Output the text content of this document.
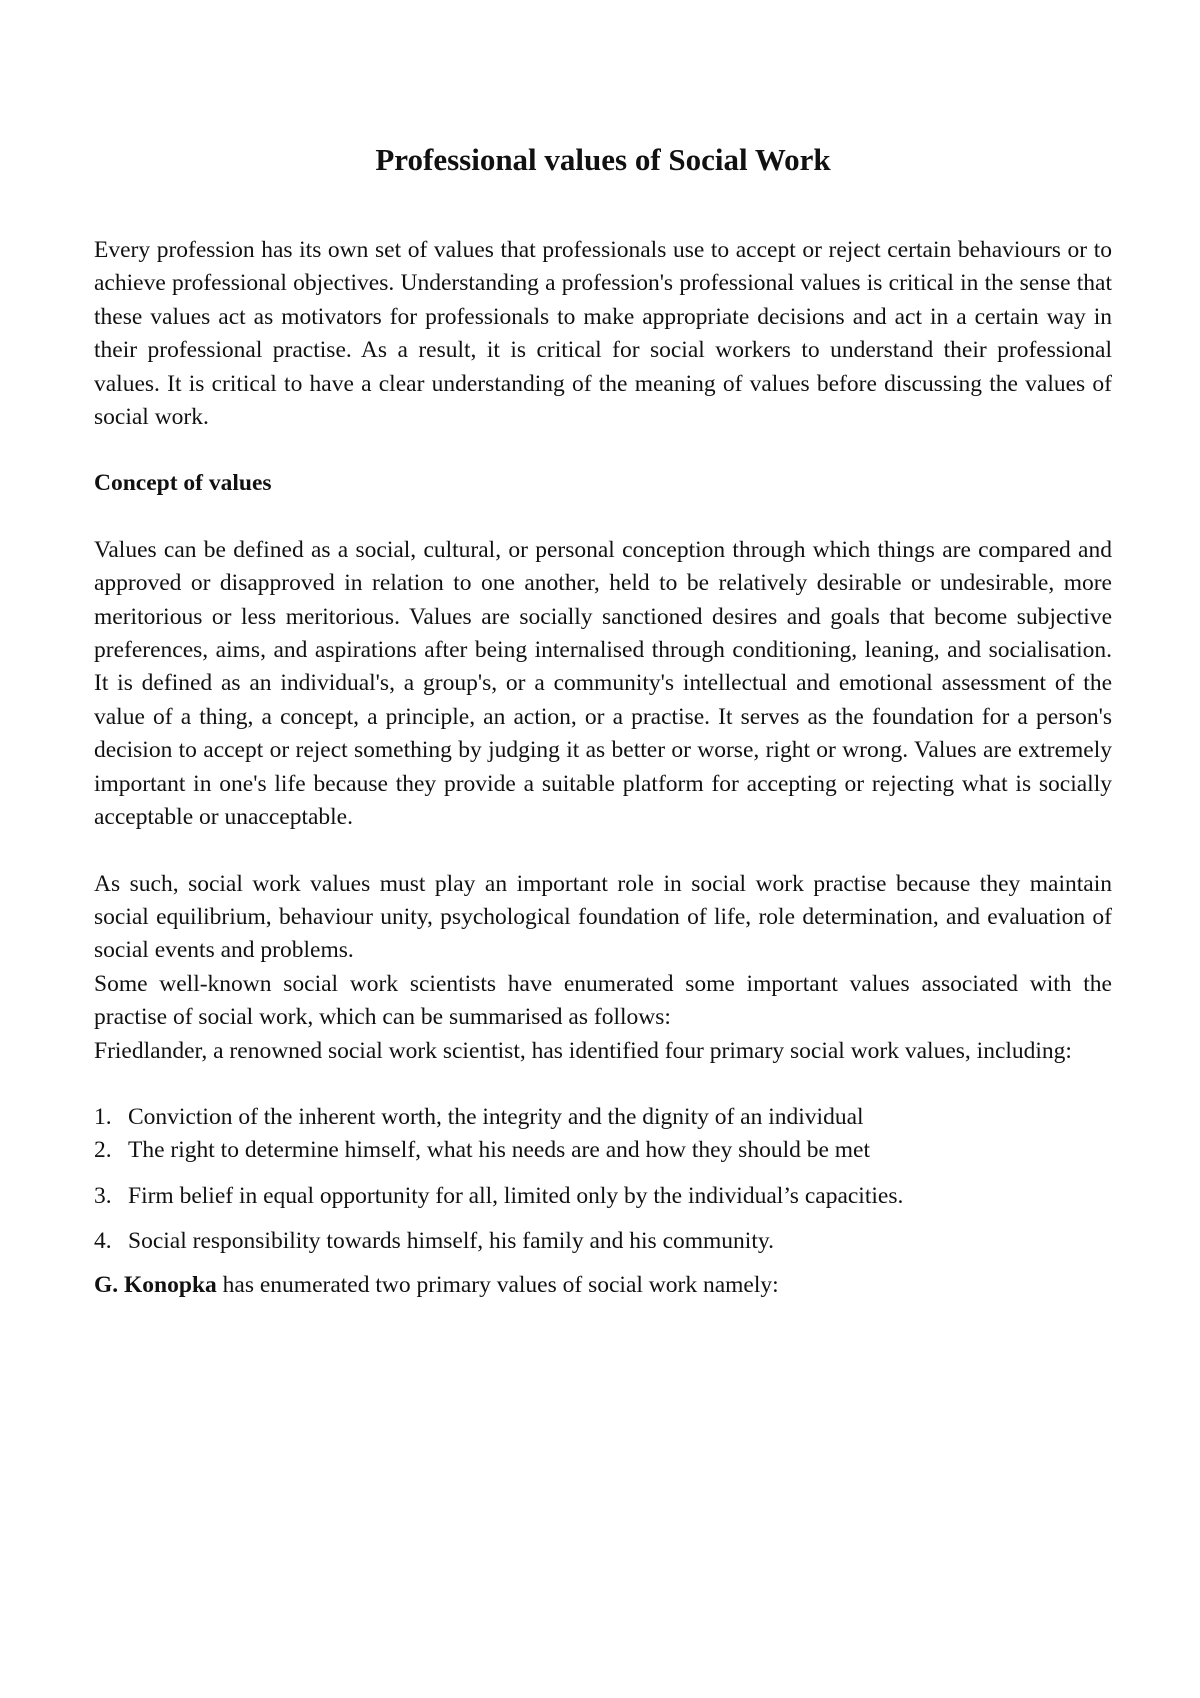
Professional values of Social Work

Every profession has its own set of values that professionals use to accept or reject certain behaviours or to achieve professional objectives. Understanding a profession's professional values is critical in the sense that these values act as motivators for professionals to make appropriate decisions and act in a certain way in their professional practise. As a result, it is critical for social workers to understand their professional values. It is critical to have a clear understanding of the meaning of values before discussing the values of social work.

Concept of values

Values can be defined as a social, cultural, or personal conception through which things are compared and approved or disapproved in relation to one another, held to be relatively desirable or undesirable, more meritorious or less meritorious. Values are socially sanctioned desires and goals that become subjective preferences, aims, and aspirations after being internalised through conditioning, leaning, and socialisation. It is defined as an individual's, a group's, or a community's intellectual and emotional assessment of the value of a thing, a concept, a principle, an action, or a practise. It serves as the foundation for a person's decision to accept or reject something by judging it as better or worse, right or wrong. Values are extremely important in one's life because they provide a suitable platform for accepting or rejecting what is socially acceptable or unacceptable.

As such, social work values must play an important role in social work practise because they maintain social equilibrium, behaviour unity, psychological foundation of life, role determination, and evaluation of social events and problems.

Some well-known social work scientists have enumerated some important values associated with the practise of social work, which can be summarised as follows:

Friedlander, a renowned social work scientist, has identified four primary social work values, including:

1. Conviction of the inherent worth, the integrity and the dignity of an individual
2. The right to determine himself, what his needs are and how they should be met
3. Firm belief in equal opportunity for all, limited only by the individual’s capacities.
4. Social responsibility towards himself, his family and his community.

G. Konopka has enumerated two primary values of social work namely:
